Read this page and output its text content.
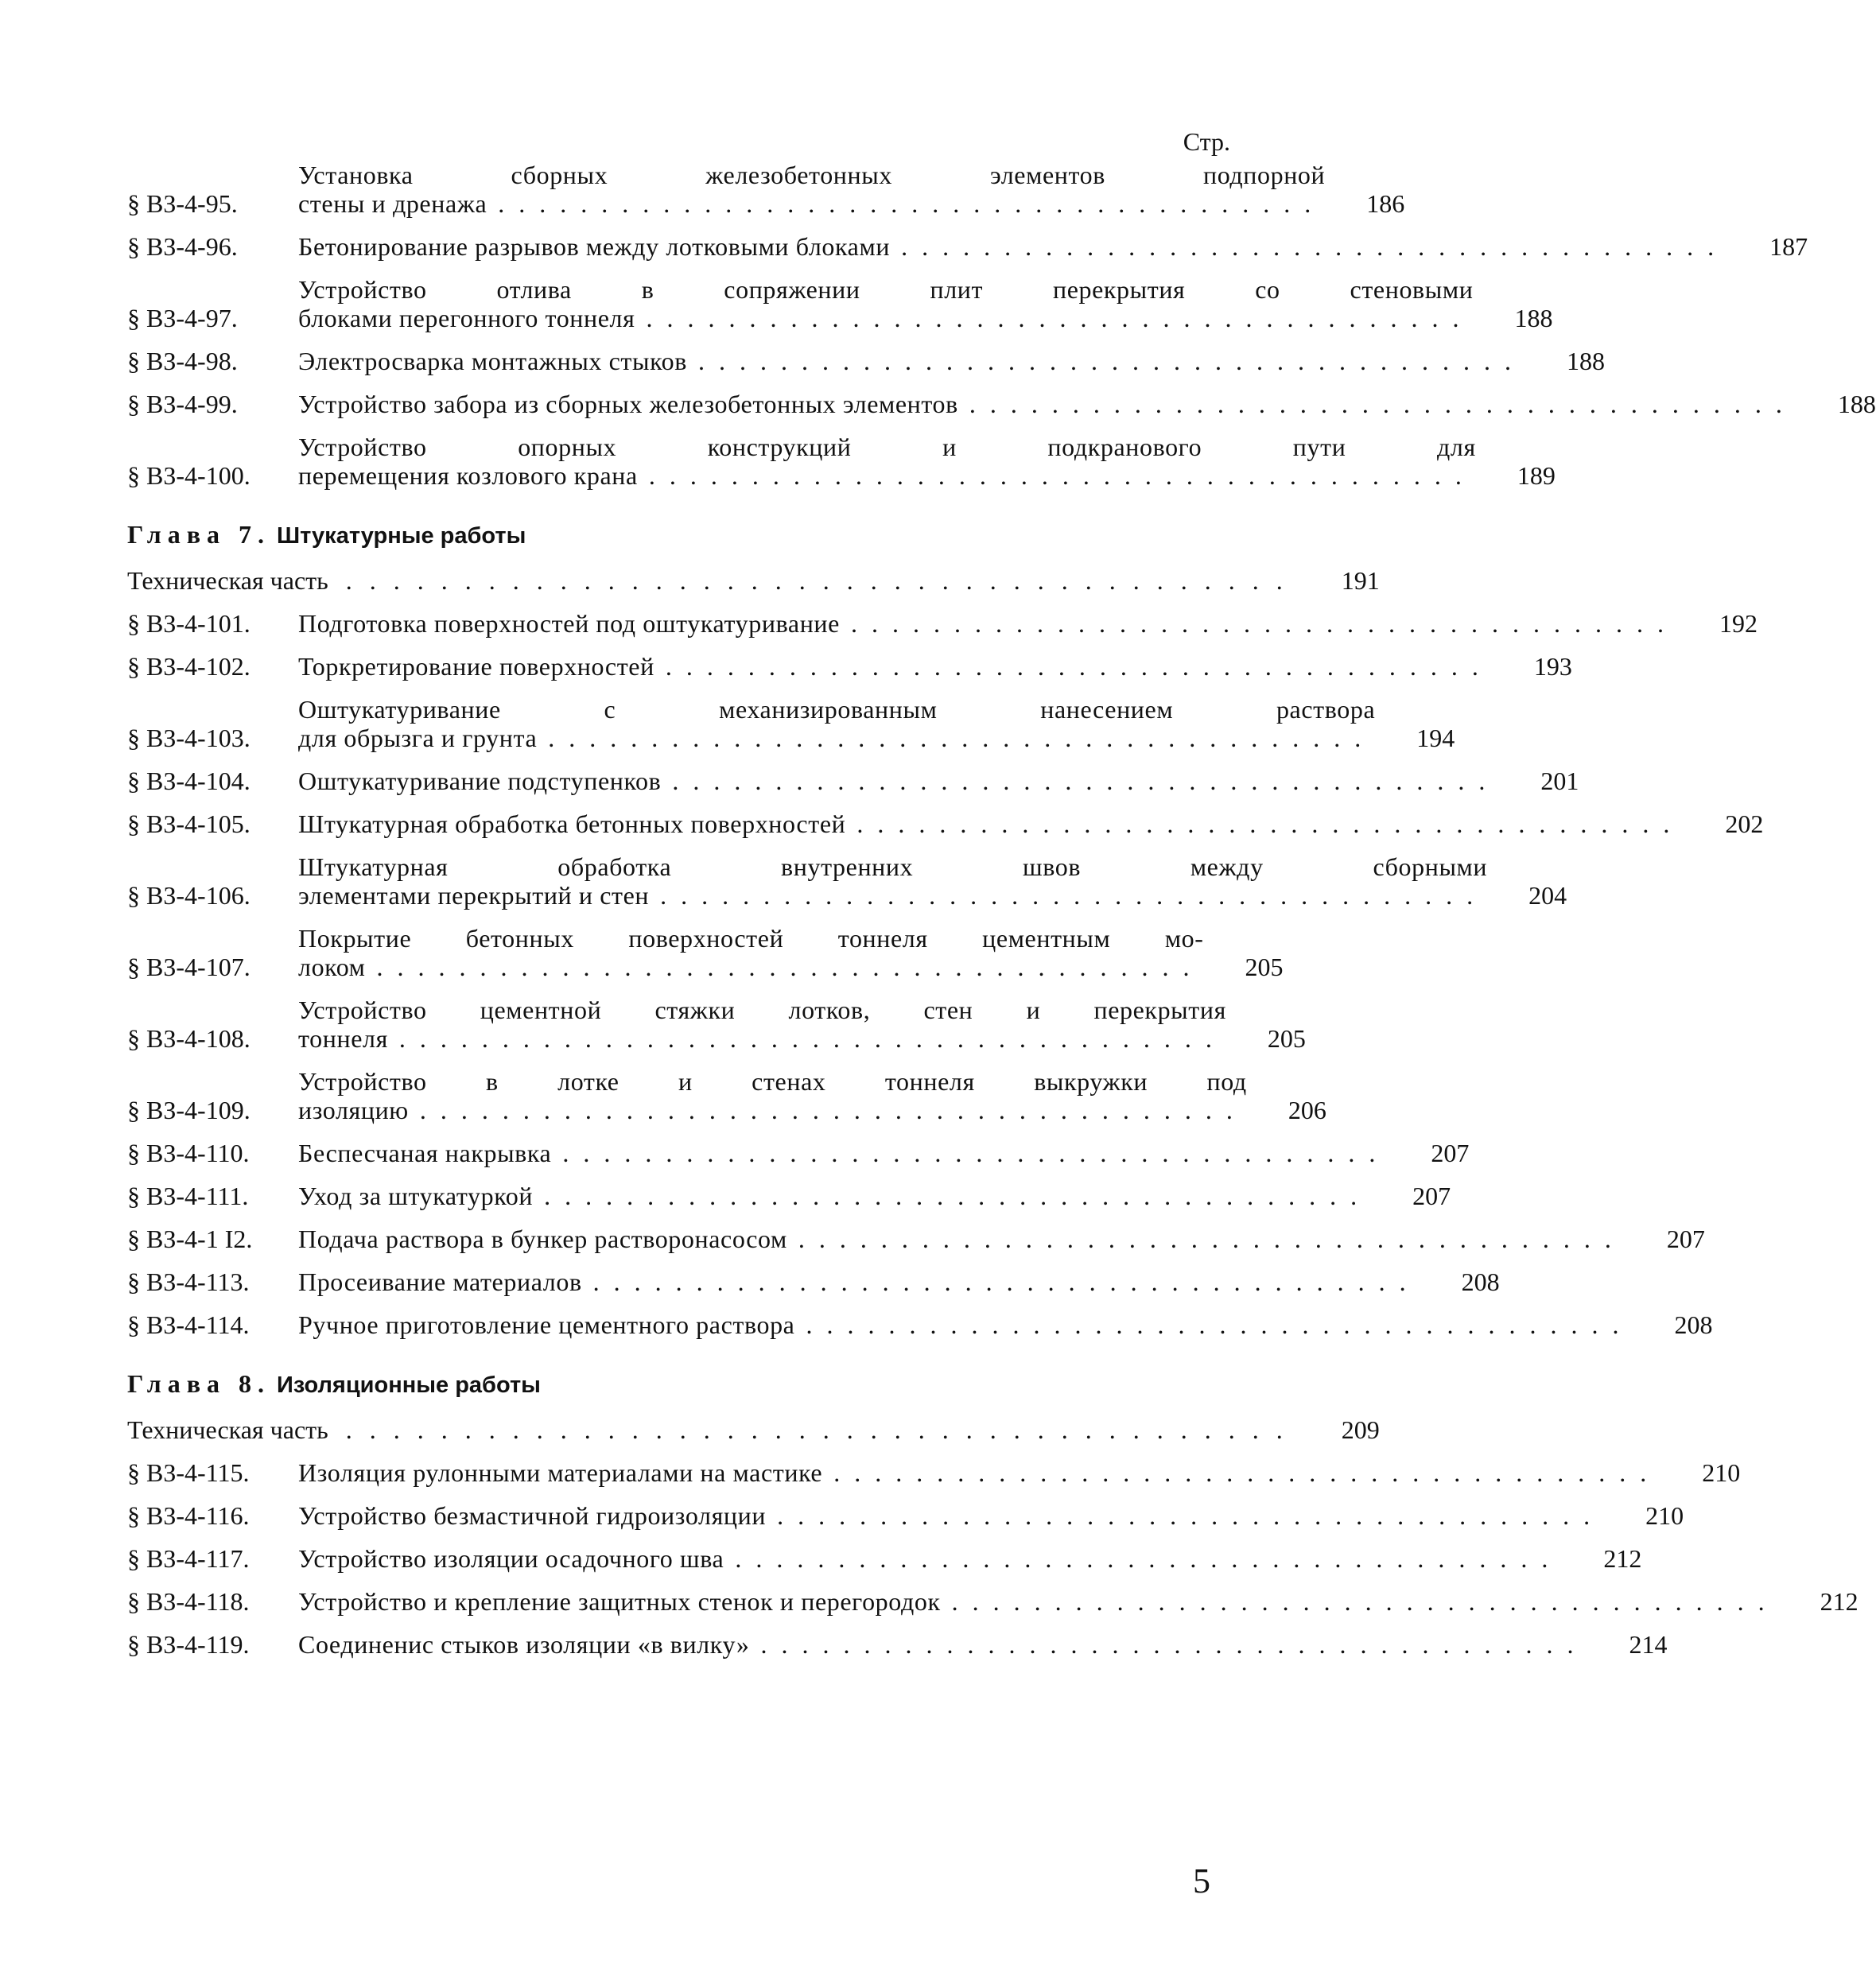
Стр.
§ ВЗ-4-95.
Установка сборных железобетонных элементов подпорной
стены и дренажа ........................................	186
§ ВЗ-4-96.	Бетонирование разрывов между лотковыми блоками ........................................	187
§ ВЗ-4-97.
Устройство отлива в сопряжении плит перекрытия со стеновыми
блоками перегонного тоннеля ........................................	188
§ ВЗ-4-98.	Электросварка монтажных стыков ........................................	188
§ ВЗ-4-99.	Устройство забора из сборных железобетонных элементов ........................................	188
§ ВЗ-4-100.
Устройство опорных конструкций и подкранового пути для
перемещения козлового крана ........................................	189
Глава 7. Штукатурные работы
Техническая часть ........................................	191
§ ВЗ-4-101.	Подготовка поверхностей под оштукатуривание ........................................	192
§ ВЗ-4-102.	Торкретирование поверхностей ........................................	193
§ ВЗ-4-103.
Оштукатуривание с механизированным нанесением раствора
для обрызга и грунта ........................................	194
§ ВЗ-4-104.	Оштукатуривание подступенков ........................................	201
§ ВЗ-4-105.	Штукатурная обработка бетонных поверхностей ........................................	202
§ ВЗ-4-106.
Штукатурная обработка внутренних швов между сборными
элементами перекрытий и стен ........................................	204
§ ВЗ-4-107.
Покрытие бетонных поверхностей тоннеля цементным мо-
локом ........................................	205
§ ВЗ-4-108.
Устройство цементной стяжки лотков, стен и перекрытия
тоннеля ........................................	205
§ ВЗ-4-109.
Устройство в лотке и стенах тоннеля выкружки под
изоляцию ........................................	206
§ ВЗ-4-110.	Беспесчаная накрывка ........................................	207
§ ВЗ-4-111.	Уход за штукатуркой ........................................	207
§ ВЗ-4-1 Ӏ2.	Подача раствора в бункер растворонасосом ........................................	207
§ ВЗ-4-113.	Просеивание материалов ........................................	208
§ ВЗ-4-114.	Ручное приготовление цементного раствора ........................................	208
Глава 8. Изоляционные работы
Техническая часть ........................................	209
§ ВЗ-4-115.	Изоляция рулонными материалами на мастике ........................................	210
§ ВЗ-4-116.	Устройство безмастичной гидроизоляции ........................................	210
§ ВЗ-4-117.	Устройство изоляции осадочного шва ........................................	212
§ ВЗ-4-118.	Устройство и крепление защитных стенок и перегородок ........................................	212
§ ВЗ-4-119.	Соединенис стыков изоляции «в вилку» ........................................	214
5
